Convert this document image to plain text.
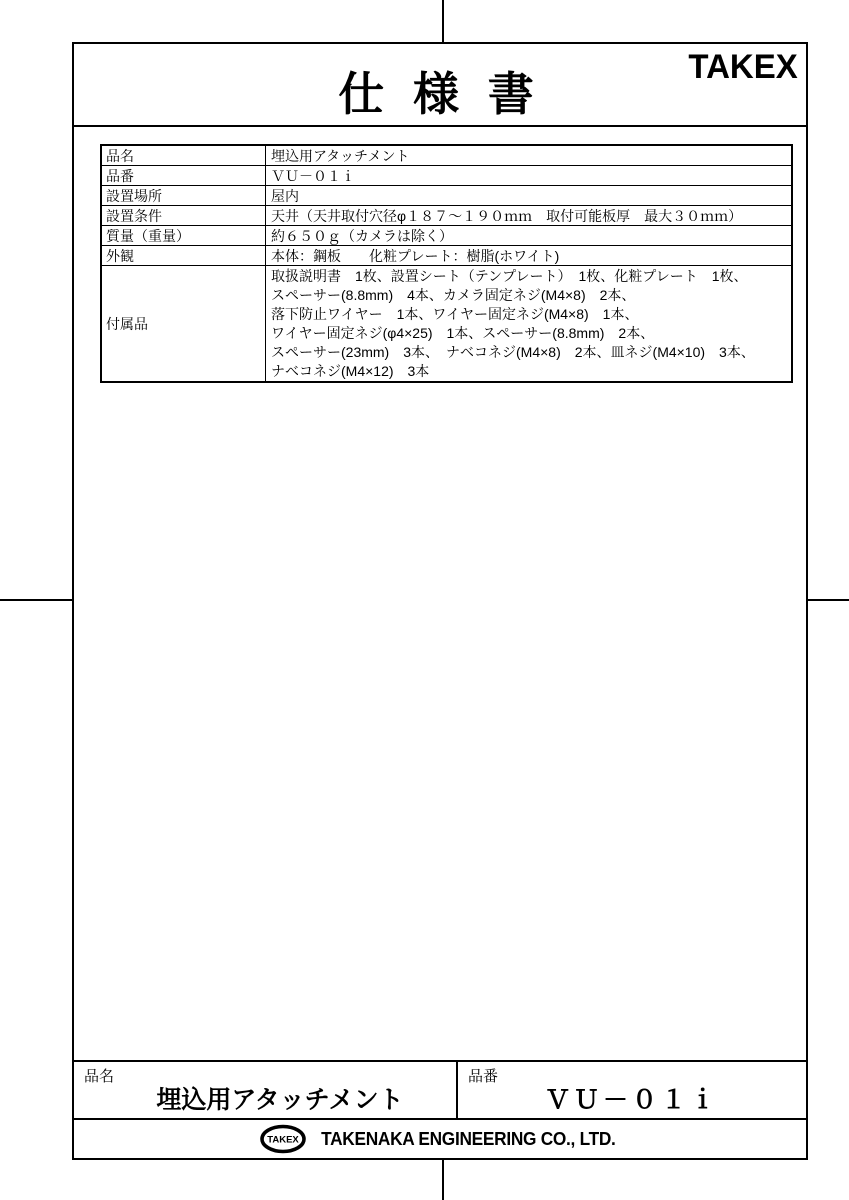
仕 様 書
TAKEX
品名	埋込用アタッチメント
品番	ＶＵ－０１ｉ
設置場所	屋内
設置条件	天井（天井取付穴径φ１８７～１９０ｍｍ　取付可能板厚　最大３０ｍｍ）
質量（重量）	約６５０ｇ（カメラは除く）
外観	本体：鋼板　　化粧プレート：樹脂(ホワイト)
付属品
取扱説明書　1枚、設置シート（テンプレート）　1枚、化粧プレート　1枚、
スペーサー(8.8mm)　4本、カメラ固定ネジ(M4×8)　2本、
落下防止ワイヤー　1本、ワイヤー固定ネジ(M4×8)　1本、
ワイヤー固定ネジ(φ4×25)　1本、スペーサー(8.8mm)　2本、
スペーサー(23mm)　3本、　ナベコネジ(M4×8)　2本、皿ネジ(M4×10)　3本、
ナベコネジ(M4×12)　3本
品名
埋込用アタッチメント
品番
ＶＵ－０１ｉ
TAKEX TAKENAKA ENGINEERING CO., LTD.
